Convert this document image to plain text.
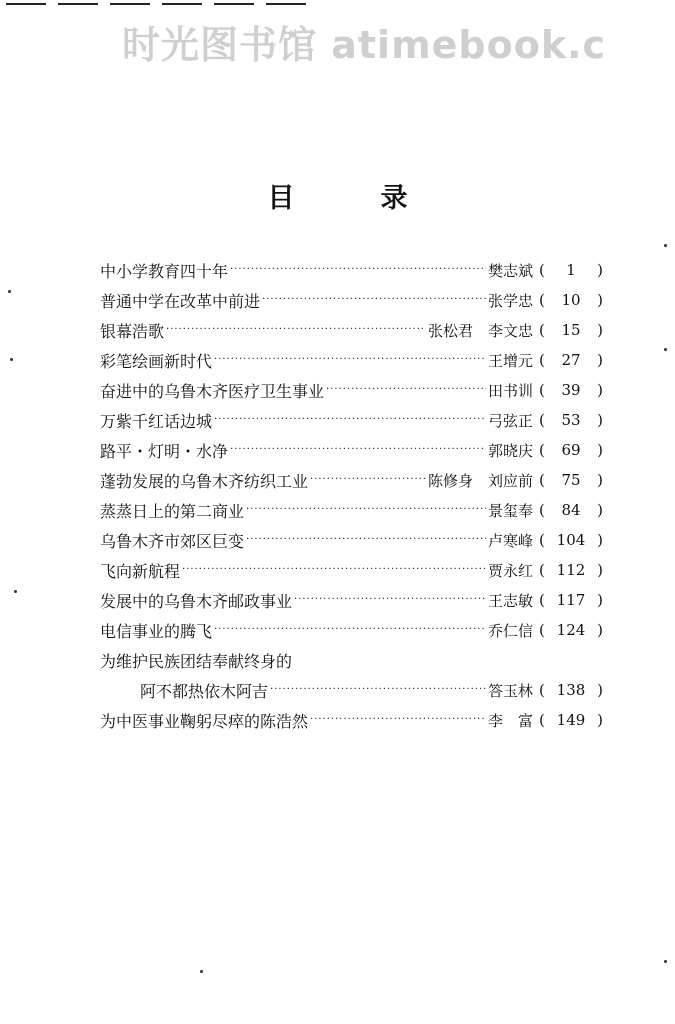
时光图书馆 atimebook.c
目录
中小学教育四十年 ·····	樊志斌 (	1	)
普通中学在改革中前进 ·····	张学忠 (	10	)
银幕浩歌 ·····	张松君　李文忠 (	15	)
彩笔绘画新时代 ·····	王增元 (	27	)
奋进中的乌鲁木齐医疗卫生事业 ·····	田书训 (	39	)
万紫千红话边城 ·····	弓弦正 (	53	)
路平・灯明・水净 ·····	郭晓庆 (	69	)
蓬勃发展的乌鲁木齐纺织工业 ·····	陈修身　刘应前 (	75	)
蒸蒸日上的第二商业 ·····	景玺奉 (	84	)
乌鲁木齐市郊区巨变 ·····	卢寒峰 ( 104 )
飞向新航程 ·····	贾永红 ( 112 )
发展中的乌鲁木齐邮政事业 ·····	王志敏 ( 117 )
电信事业的腾飞 ·····	乔仁信 ( 124 )
为维护民族团结奉献终身的
阿不都热依木阿吉 ·····	答玉林 ( 138 )
为中医事业鞠躬尽瘁的陈浩然 ·····	李　富 ( 149 )
